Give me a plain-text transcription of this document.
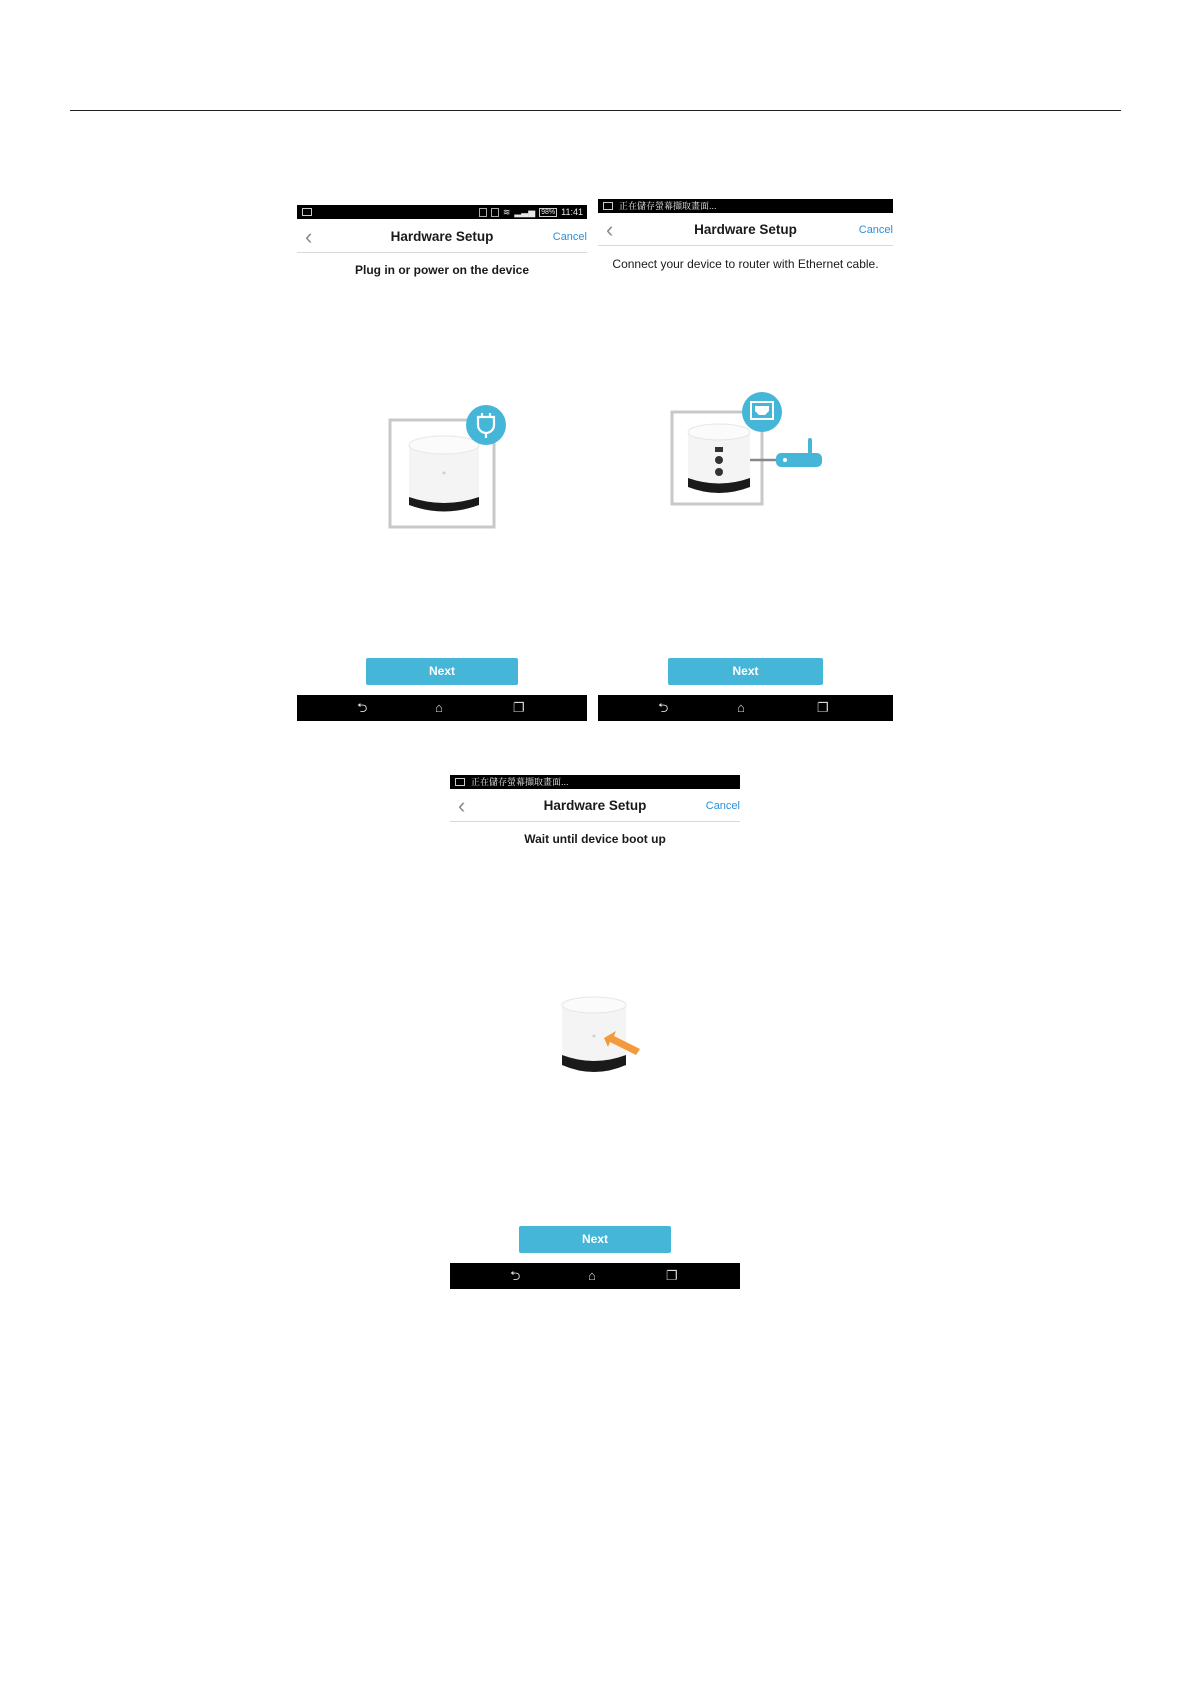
≋ ▂▃▅ 98% 11:41
‹	Hardware Setup	Cancel
Plug in or power on the device
Next
⮌	⌂	❐
正在儲存螢幕擷取畫面...
‹	Hardware Setup	Cancel
Connect your device to router with Ethernet cable.
Next
⮌	⌂	❐
正在儲存螢幕擷取畫面...
‹	Hardware Setup	Cancel
Wait until device boot up
Next
⮌	⌂	❐
